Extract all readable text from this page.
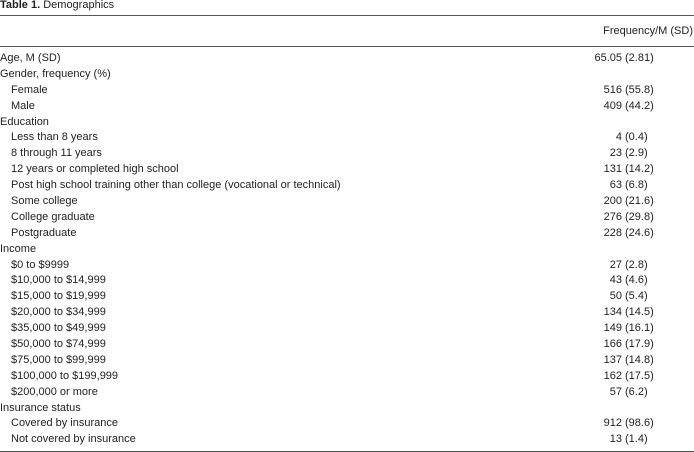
Table 1. Demographics
Frequency/M (SD)
Age, M (SD)	65.05 (2.81)
Gender, frequency (%)
Female	516 (55.8)
Male	409 (44.2)
Education
Less than 8 years	4 (0.4)
8 through 11 years	23 (2.9)
12 years or completed high school	131 (14.2)
Post high school training other than college (vocational or technical)	63 (6.8)
Some college	200 (21.6)
College graduate	276 (29.8)
Postgraduate	228 (24.6)
Income
$0 to $9999	27 (2.8)
$10,000 to $14,999	43 (4.6)
$15,000 to $19,999	50 (5.4)
$20,000 to $34,999	134 (14.5)
$35,000 to $49,999	149 (16.1)
$50,000 to $74,999	166 (17.9)
$75,000 to $99,999	137 (14.8)
$100,000 to $199,999	162 (17.5)
$200,000 or more	57 (6.2)
Insurance status
Covered by insurance	912 (98.6)
Not covered by insurance	13 (1.4)
